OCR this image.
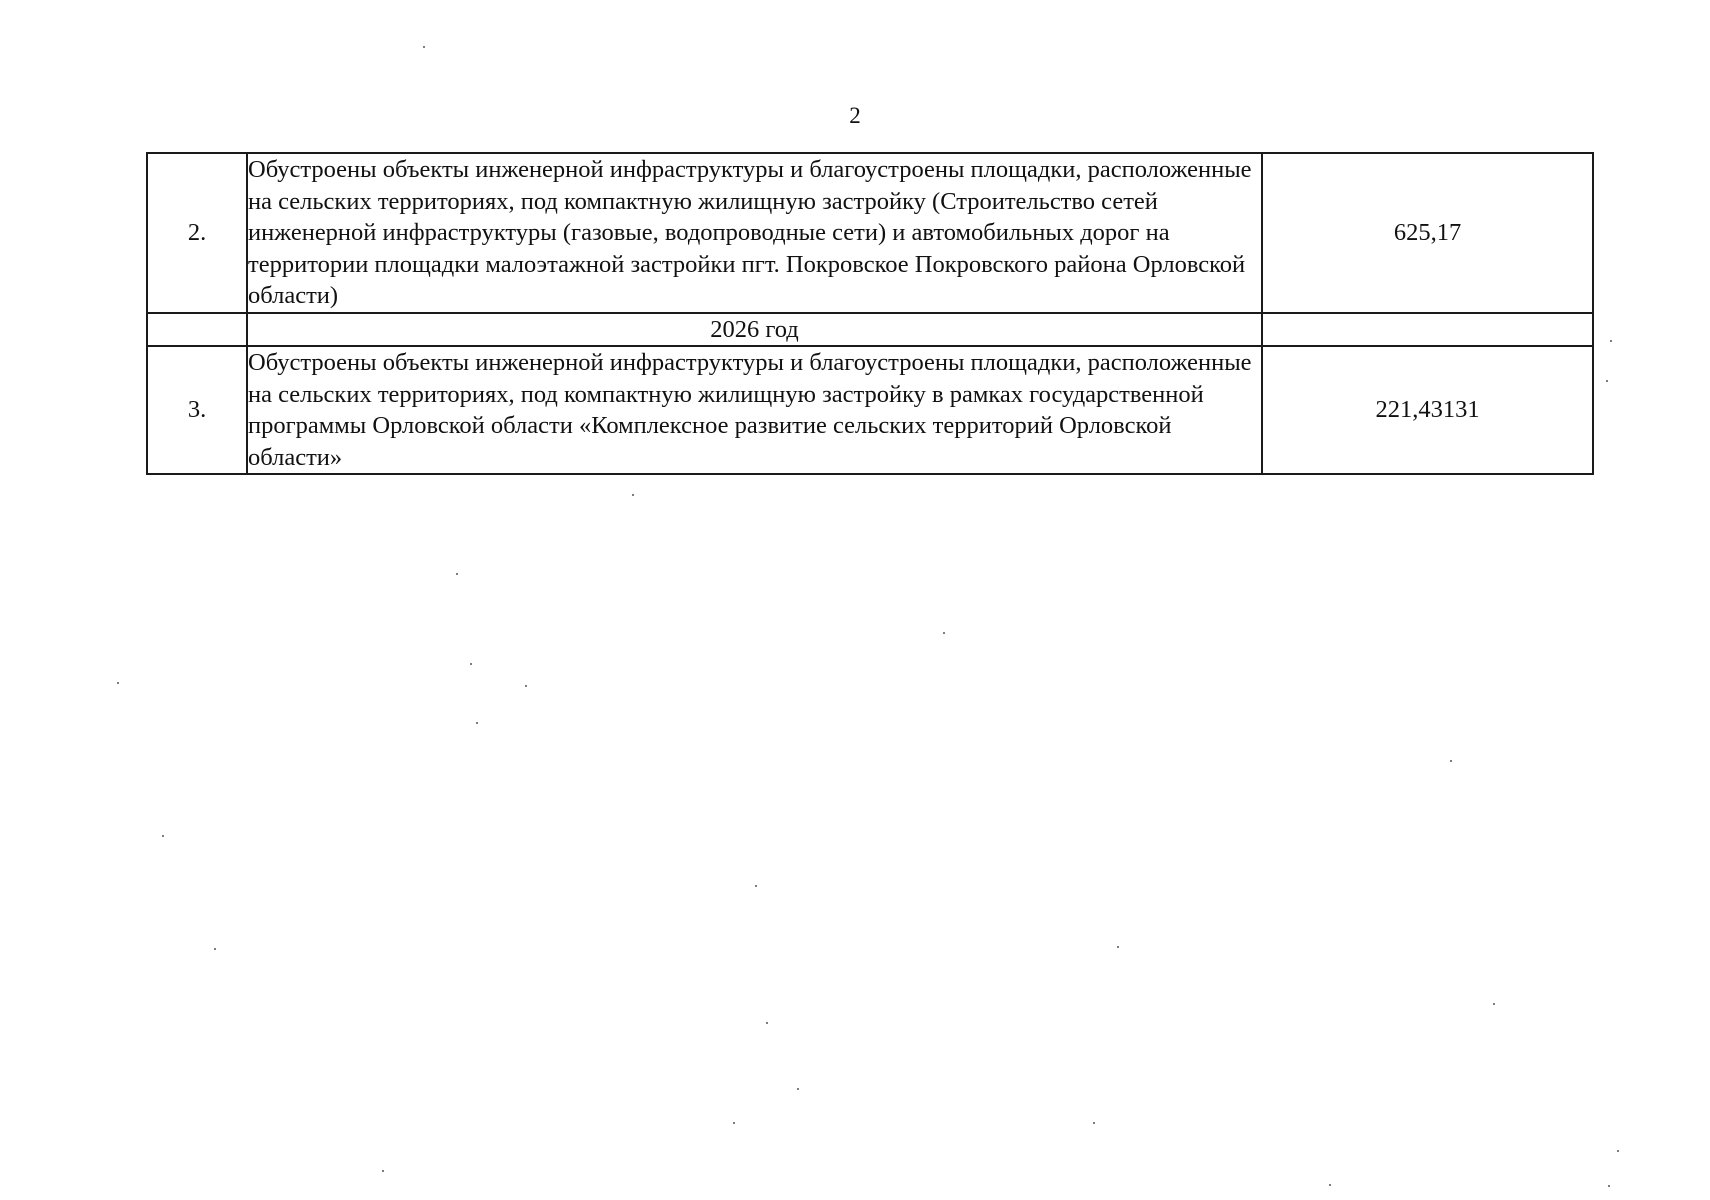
2
2.	Обустроены объекты инженерной инфраструктуры и благоустроены площадки, расположенные на сельских территориях, под компактную жилищную застройку (Строительство сетей инженерной инфраструктуры (газовые, водопроводные сети) и автомобильных дорог на территории площадки малоэтажной застройки пгт. Покровское Покровского района Орловской области)	625,17
	2026 год	
3.	Обустроены объекты инженерной инфраструктуры и благоустроены площадки, расположенные на сельских территориях, под компактную жилищную застройку в рамках государственной программы Орловской области «Комплексное развитие сельских территорий Орловской области»	221,43131
